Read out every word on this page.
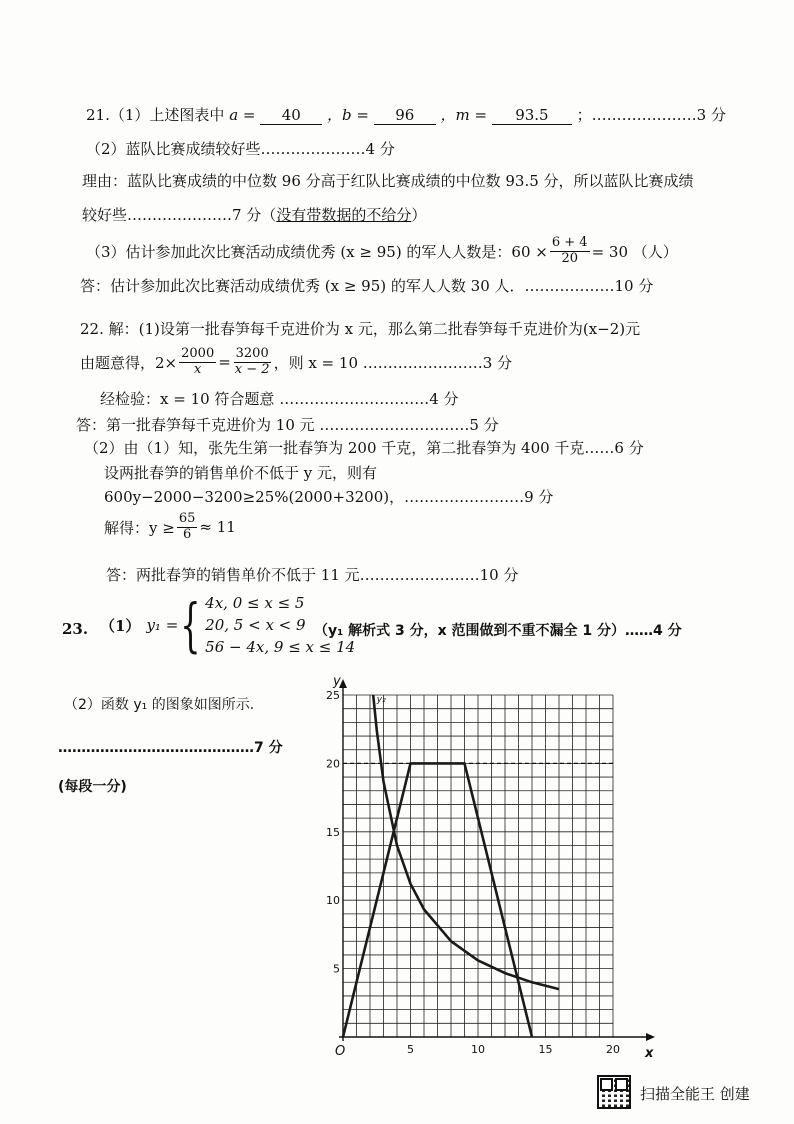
21.（1）上述图表中 a = 40 ，b = 96 ，m = 93.5 ；…………………3 分
（2）蓝队比赛成绩较好些…………………4 分
理由：蓝队比赛成绩的中位数 96 分高于红队比赛成绩的中位数 93.5 分，所以蓝队比赛成绩
较好些…………………7 分（没有带数据的不给分）
（3）估计参加此次比赛活动成绩优秀 (x ≥ 95) 的军人人数是：$60 \times \frac{6 + 4}{20} = 30$ （人）
答：估计参加此次比赛活动成绩优秀 (x ≥ 95) 的军人人数 30 人．………………10 分
22. 解：(1)设第一批春笋每千克进价为 x 元，那么第二批春笋每千克进价为(x−2)元
由题意得，$2\times \frac{2000}{x} = \frac{3200}{x - 2}$ ，则 x = 10 ……………………3 分
经检验：x = 10 符合题意 …………………………4 分
答：第一批春笋每千克进价为 10 元 …………………………5 分
（2）由（1）知，张先生第一批春笋为 200 千克，第二批春笋为 400 千克……6 分
设两批春笋的销售单价不低于 y 元，则有
600y−2000−3200≥25%(2000+3200)，……………………9 分
解得：$y \ge \frac{65}{6} \approx 11$
答：两批春笋的销售单价不低于 11 元……………………10 分
23. （1） y₁ = { 4x, 0 ≤ x ≤ 5
20, 5 < x < 9
56 − 4x, 9 ≤ x ≤ 14
（y₁ 解析式 3 分，x 范围做到不重不漏全 1 分）……4 分
（2）函数 y₁ 的图象如图所示.
……………………………………7 分
(每段一分)
5	10	15	20
5
10
15
20
25
O	x
y
y₂
扫描全能王 创建
